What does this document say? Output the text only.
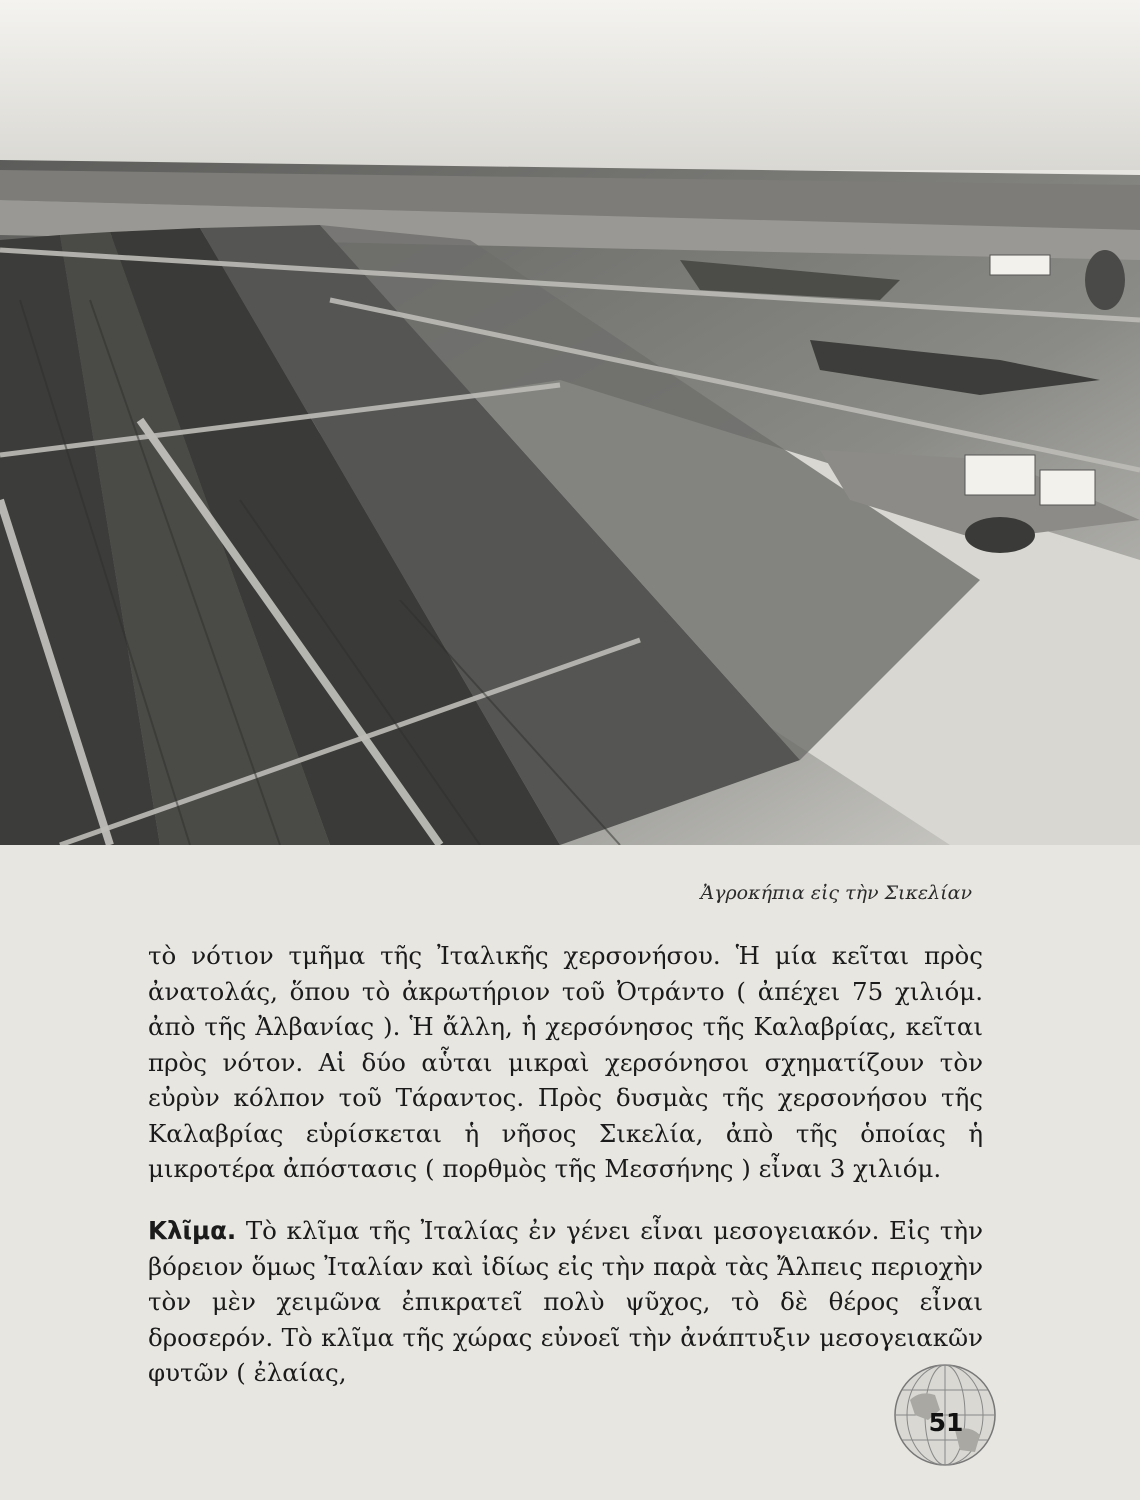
Ἀγροκήπια εἰς τὴν Σικελίαν
τὸ νότιον τμῆμα τῆς Ἰταλικῆς χερσονήσου. Ἡ μία κεῖται πρὸς ἀνατολάς, ὅπου τὸ ἀκρωτήριον τοῦ Ὀτράντο ( ἀπέχει 75 χιλιόμ. ἀπὸ τῆς Ἀλβανίας ). Ἡ ἄλλη, ἡ χερσόνησος τῆς Καλαβρίας, κεῖται πρὸς νότον. Αἱ δύο αὗται μικραὶ χερσόνησοι σχηματίζουν τὸν εὐρὺν κόλπον τοῦ Τάραντος. Πρὸς δυσμὰς τῆς χερσονήσου τῆς Καλαβρίας εὑρίσκεται ἡ νῆσος Σικελία, ἀπὸ τῆς ὁποίας ἡ μικροτέρα ἀπόστασις ( πορθμὸς τῆς Μεσσήνης ) εἶναι 3 χιλιόμ.
Κλῖμα. Τὸ κλῖμα τῆς Ἰταλίας ἐν γένει εἶναι μεσογειακόν. Εἰς τὴν βόρειον ὅμως Ἰταλίαν καὶ ἰδίως εἰς τὴν παρὰ τὰς Ἄλπεις περιοχὴν τὸν μὲν χειμῶνα ἐπικρατεῖ πολὺ ψῦχος, τὸ δὲ θέρος εἶναι δροσερόν. Τὸ κλῖμα τῆς χώρας εὐνοεῖ τὴν ἀνάπτυξιν μεσογειακῶν φυτῶν ( ἐλαίας,
51
